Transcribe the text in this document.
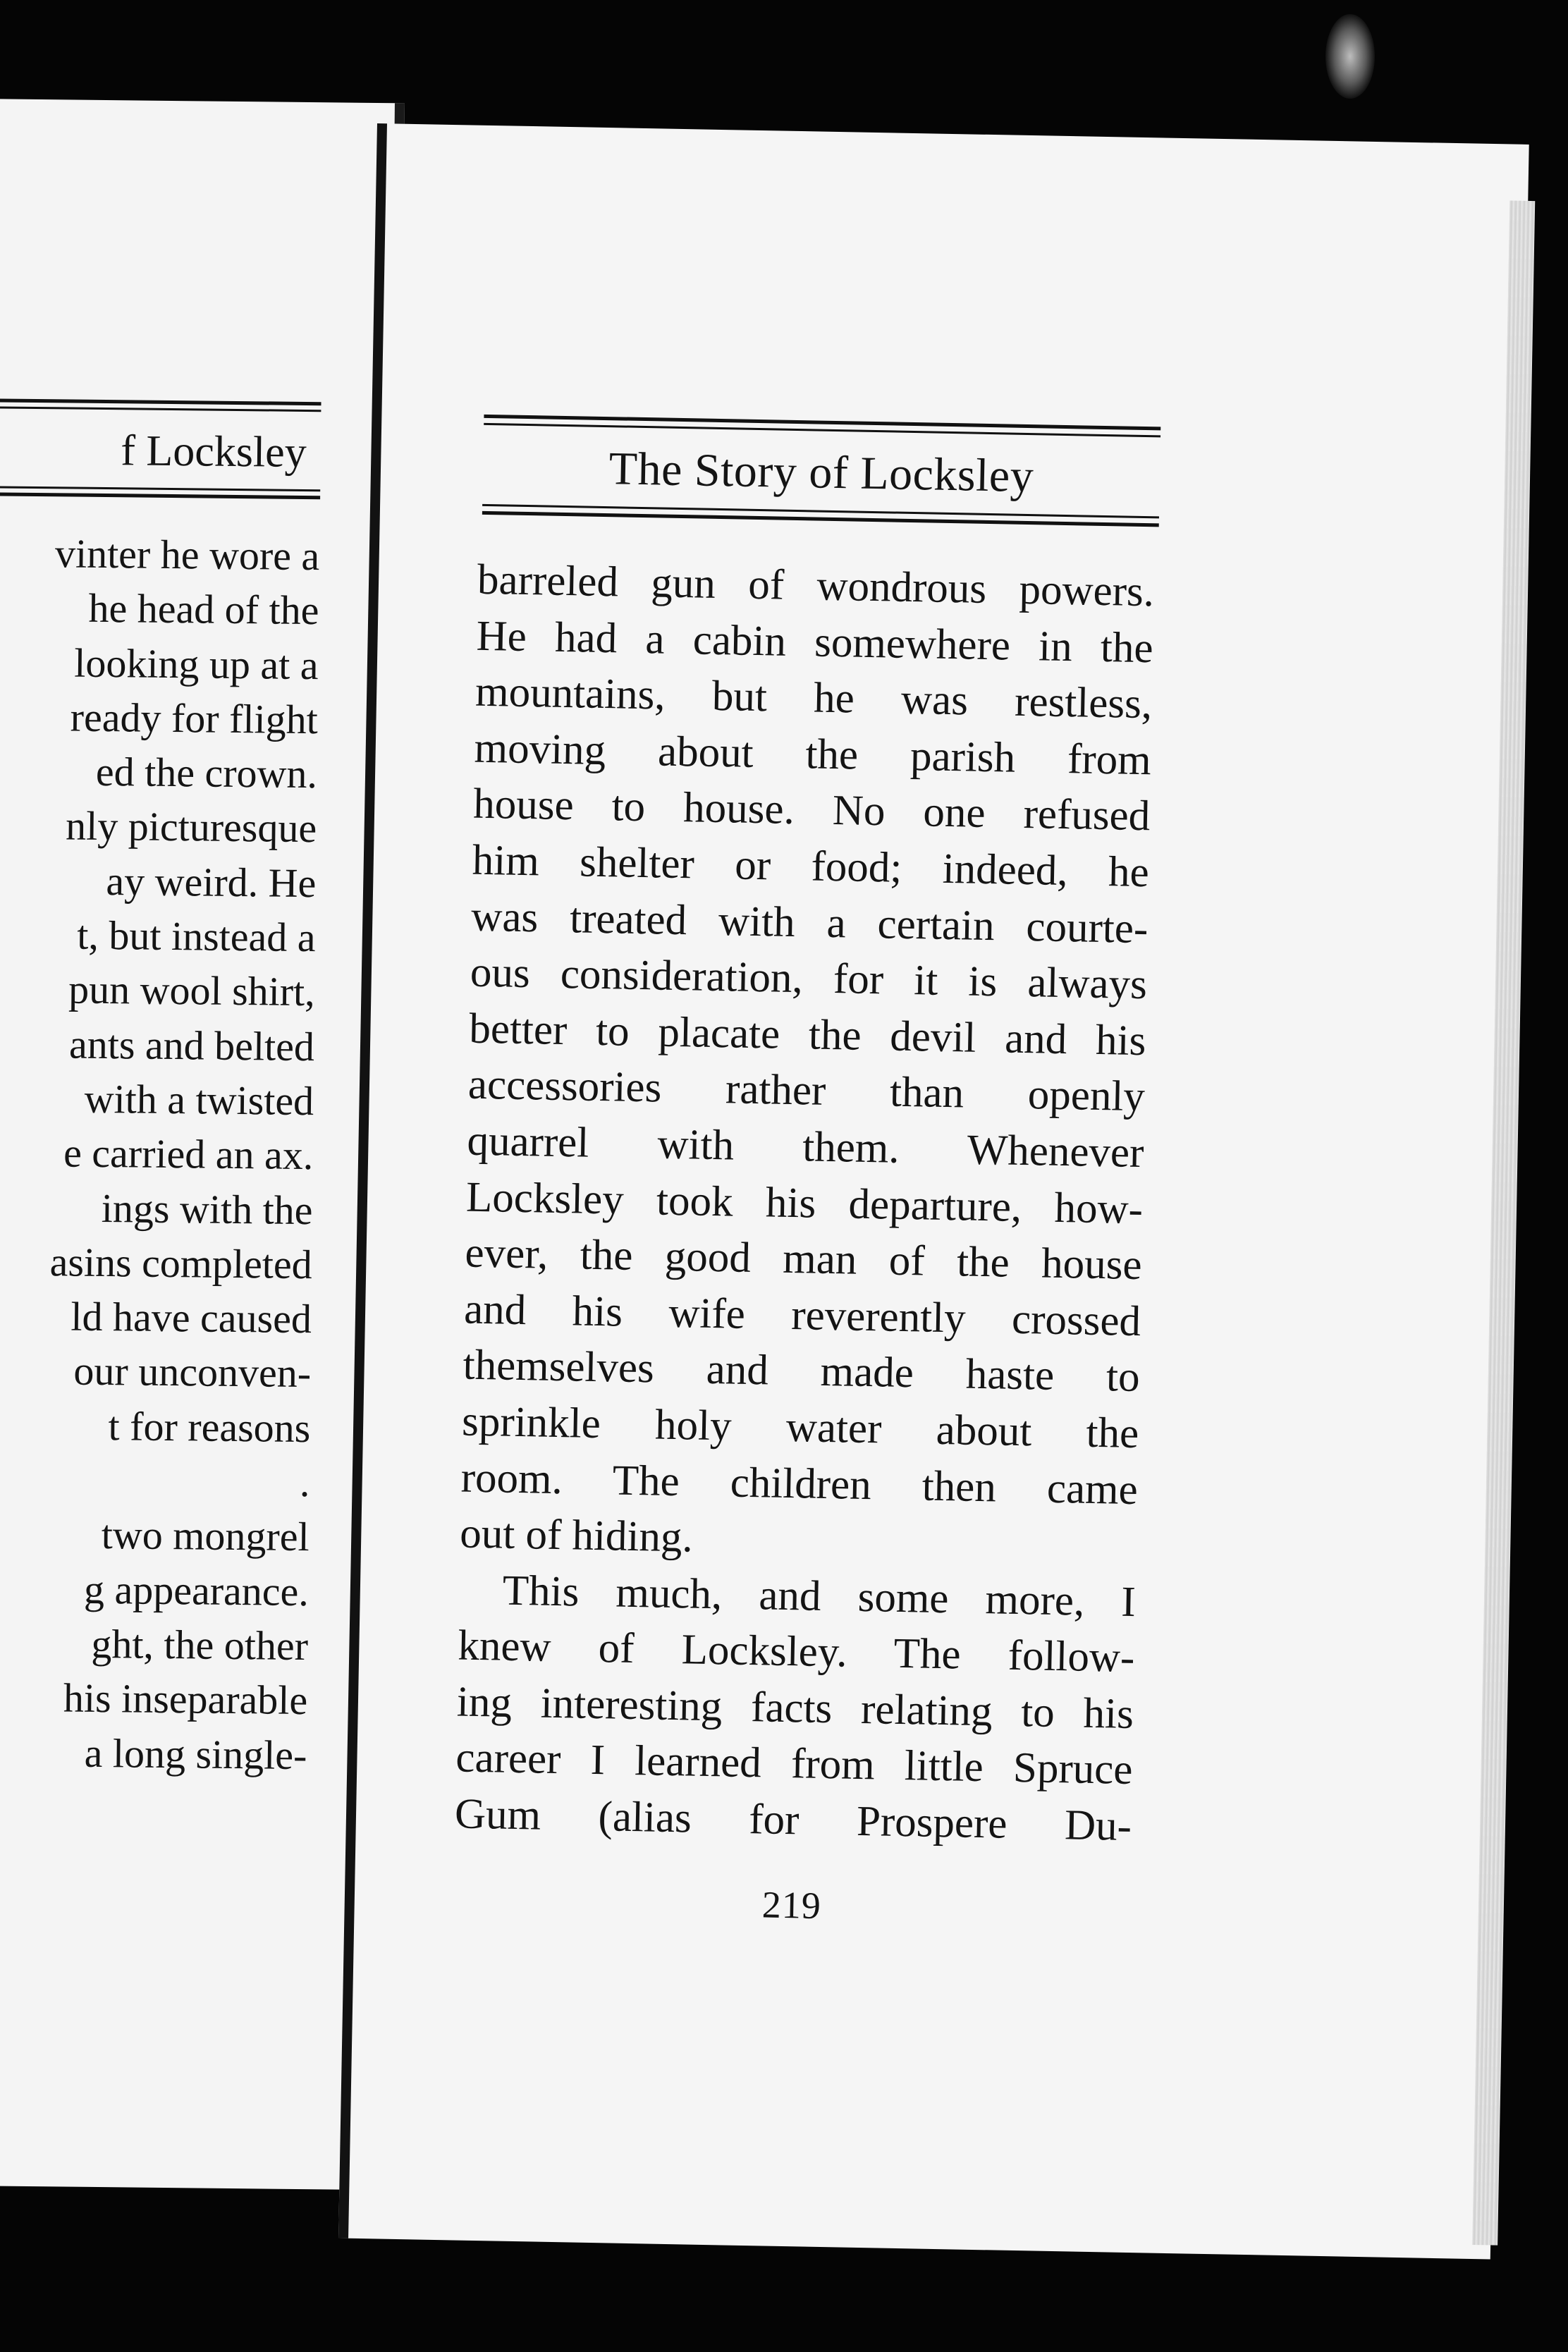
f Locksley
vinter he wore a
he head of the
looking up at a
ready for flight
ed the crown.
nly picturesque
ay weird. He
t, but instead a
pun wool shirt,
ants and belted
with a twisted
e carried an ax.
ings with the
asins completed
ld have caused
our unconven-
t for reasons
.
two mongrel
g appearance.
ght, the other
his inseparable
a long single-
The Story of Locksley
barreled gun of wondrous powers.
He had a cabin somewhere in the
mountains, but he was restless,
moving about the parish from
house to house. No one refused
him shelter or food; indeed, he
was treated with a certain courte-
ous consideration, for it is always
better to placate the devil and his
accessories rather than openly
quarrel with them. Whenever
Locksley took his departure, how-
ever, the good man of the house
and his wife reverently crossed
themselves and made haste to
sprinkle holy water about the
room. The children then came
out of hiding.
This much, and some more, I
knew of Locksley. The follow-
ing interesting facts relating to his
career I learned from little Spruce
Gum (alias for Prospere Du-
219
